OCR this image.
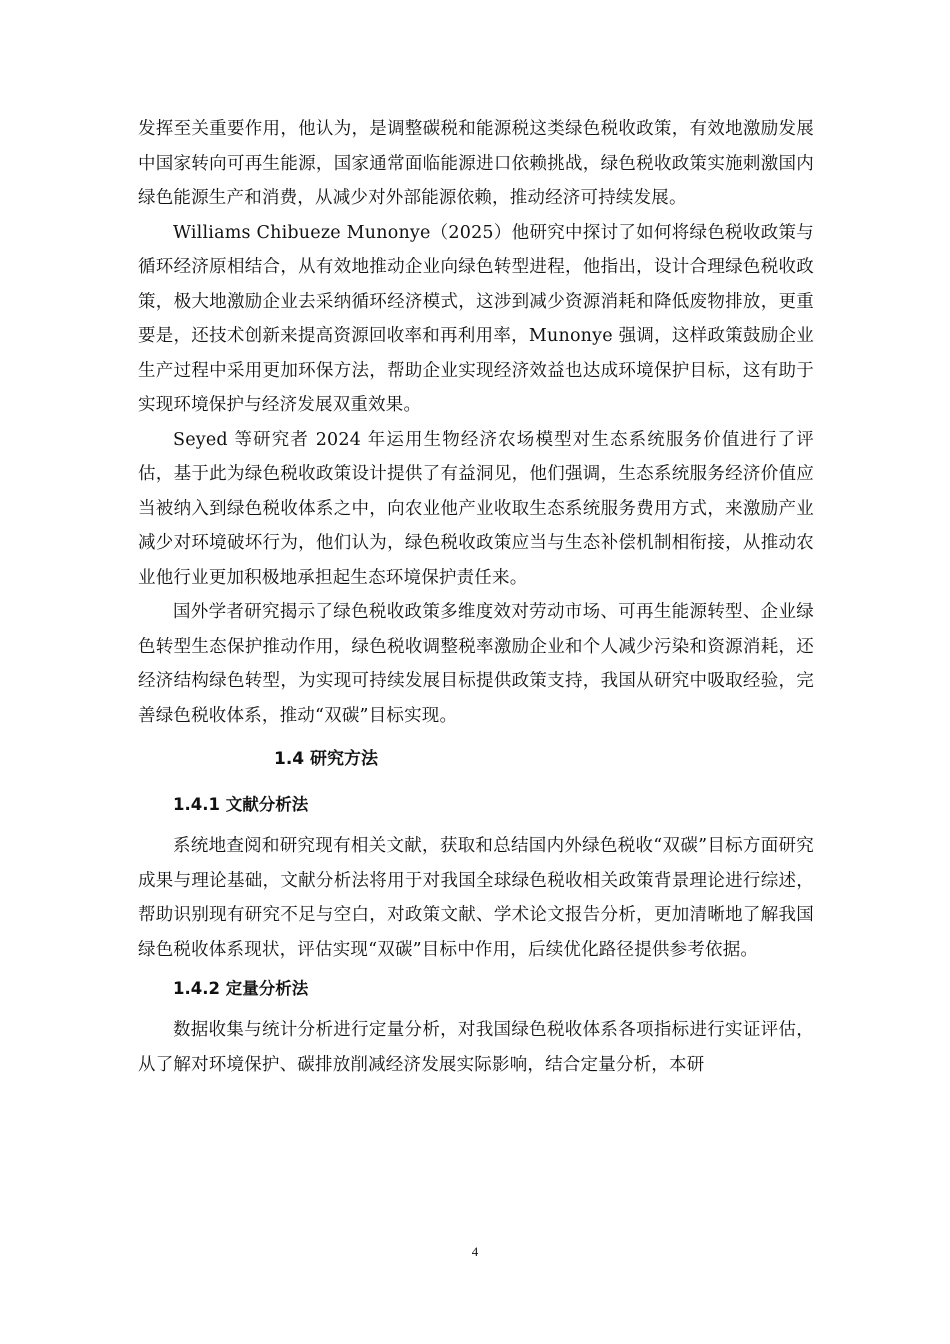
发挥至关重要作用，他认为，是调整碳税和能源税这类绿色税收政策，有效地激励发展中国家转向可再生能源，国家通常面临能源进口依赖挑战，绿色税收政策实施刺激国内绿色能源生产和消费，从减少对外部能源依赖，推动经济可持续发展。

Williams Chibueze Munonye（2025）他研究中探讨了如何将绿色税收政策与循环经济原相结合，从有效地推动企业向绿色转型进程，他指出，设计合理绿色税收政策，极大地激励企业去采纳循环经济模式，这涉到减少资源消耗和降低废物排放，更重要是，还技术创新来提高资源回收率和再利用率，Munonye 强调，这样政策鼓励企业生产过程中采用更加环保方法，帮助企业实现经济效益也达成环境保护目标，这有助于实现环境保护与经济发展双重效果。

Seyed 等研究者 2024 年运用生物经济农场模型对生态系统服务价值进行了评估，基于此为绿色税收政策设计提供了有益洞见，他们强调，生态系统服务经济价值应当被纳入到绿色税收体系之中，向农业他产业收取生态系统服务费用方式，来激励产业减少对环境破坏行为，他们认为，绿色税收政策应当与生态补偿机制相衔接，从推动农业他行业更加积极地承担起生态环境保护责任来。

国外学者研究揭示了绿色税收政策多维度效对劳动市场、可再生能源转型、企业绿色转型生态保护推动作用，绿色税收调整税率激励企业和个人减少污染和资源消耗，还经济结构绿色转型，为实现可持续发展目标提供政策支持，我国从研究中吸取经验，完善绿色税收体系，推动“双碳”目标实现。

1.4 研究方法
1.4.1 文献分析法

系统地查阅和研究现有相关文献，获取和总结国内外绿色税收“双碳”目标方面研究成果与理论基础，文献分析法将用于对我国全球绿色税收相关政策背景理论进行综述，帮助识别现有研究不足与空白，对政策文献、学术论文报告分析，更加清晰地了解我国绿色税收体系现状，评估实现“双碳”目标中作用，后续优化路径提供参考依据。

1.4.2 定量分析法

数据收集与统计分析进行定量分析，对我国绿色税收体系各项指标进行实证评估，从了解对环境保护、碳排放削减经济发展实际影响，结合定量分析，本研

4
